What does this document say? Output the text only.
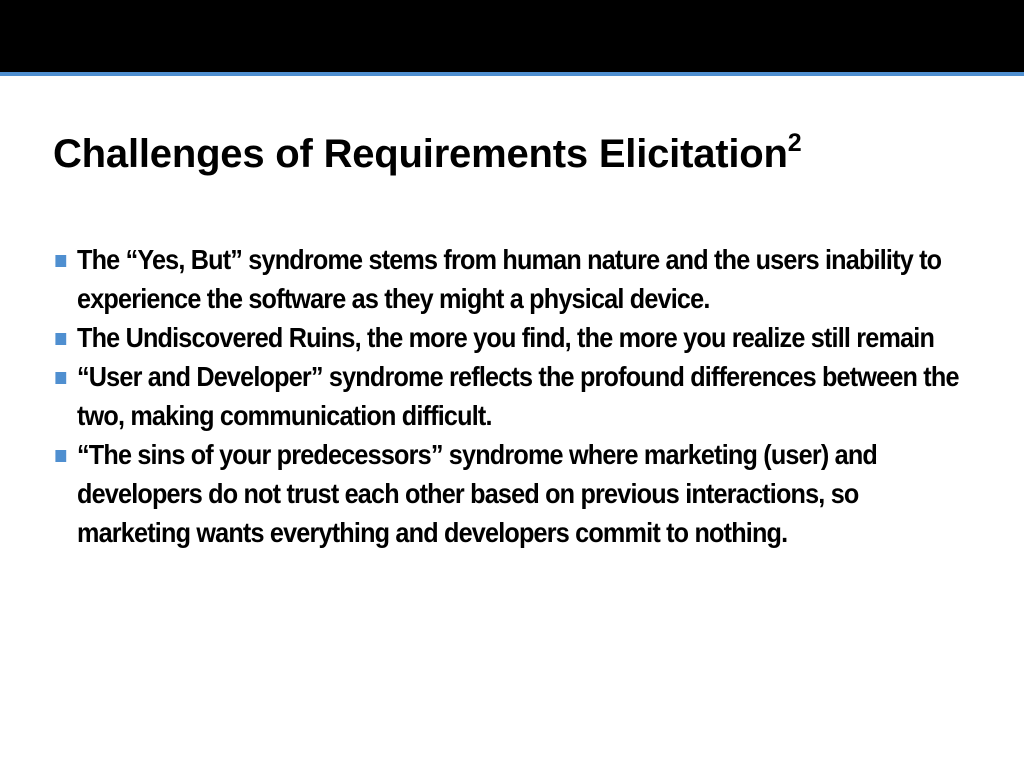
Challenges of Requirements Elicitation$^2$
The “Yes, But” syndrome stems from human nature and the users inability to experience the software as they might a physical device.
The Undiscovered Ruins, the more you find, the more you realize still remain
“User and Developer” syndrome reflects the profound differences between the two, making communication difficult.
“The sins of your predecessors” syndrome where marketing (user) and developers do not trust each other based on previous interactions, so marketing wants everything and developers commit to nothing.
